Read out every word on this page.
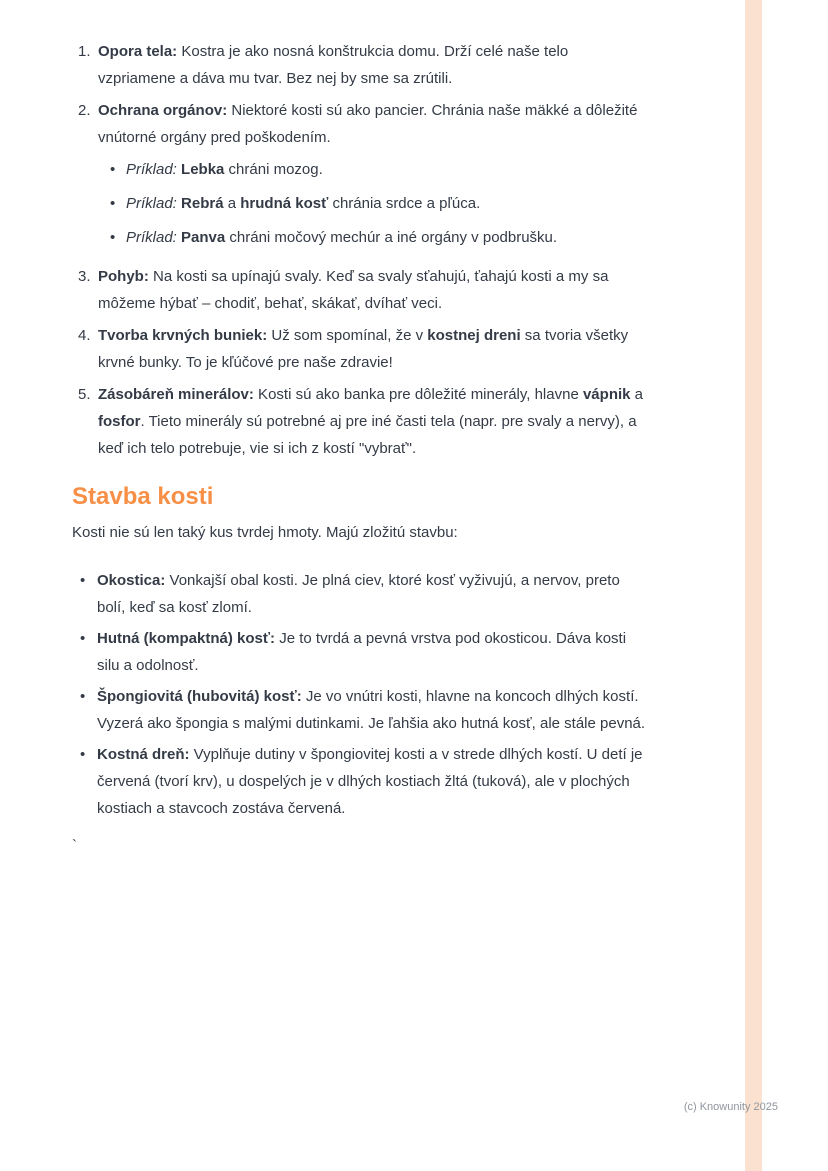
1. Opora tela: Kostra je ako nosná konštrukcia domu. Drží celé naše telo vzpriamene a dáva mu tvar. Bez nej by sme sa zrútili.
2. Ochrana orgánov: Niektoré kosti sú ako pancier. Chránia naše mäkké a dôležité vnútorné orgány pred poškodením.
•
Príklad: Lebka chráni mozog.
•
Príklad: Rebrá a hrudná kosť chránia srdce a pľúca.
•
Príklad: Panva chráni močový mechúr a iné orgány v podbrušku.
3. Pohyb: Na kosti sa upínajú svaly. Keď sa svaly sťahujú, ťahajú kosti a my sa môžeme hýbať – chodiť, behať, skákať, dvíhať veci.
4. Tvorba krvných buniek: Už som spomínal, že v kostnej dreni sa tvoria všetky krvné bunky. To je kľúčové pre naše zdravie!
5. Zásobáreň minerálov: Kosti sú ako banka pre dôležité minerály, hlavne vápnik a fosfor. Tieto minerály sú potrebné aj pre iné časti tela (napr. pre svaly a nervy), a keď ich telo potrebuje, vie si ich z kostí "vybrať".
Stavba kosti

Kosti nie sú len taký kus tvrdej hmoty. Majú zložitú stavbu:

•
Okostica: Vonkajší obal kosti. Je plná ciev, ktoré kosť vyživujú, a nervov, preto bolí, keď sa kosť zlomí.
•
Hutná (kompaktná) kosť: Je to tvrdá a pevná vrstva pod okosticou. Dáva kosti silu a odolnosť.
•
Špongiovitá (hubovitá) kosť: Je vo vnútri kosti, hlavne na koncoch dlhých kostí. Vyzerá ako špongia s malými dutinkami. Je ľahšia ako hutná kosť, ale stále pevná.
•
Kostná dreň: Vyplňuje dutiny v špongiovitej kosti a v strede dlhých kostí. U detí je červená (tvorí krv), u dospelých je v dlhých kostiach žltá (tuková), ale v plochých kostiach a stavcoch zostáva červená.
`
(c) Knowunity 2025
